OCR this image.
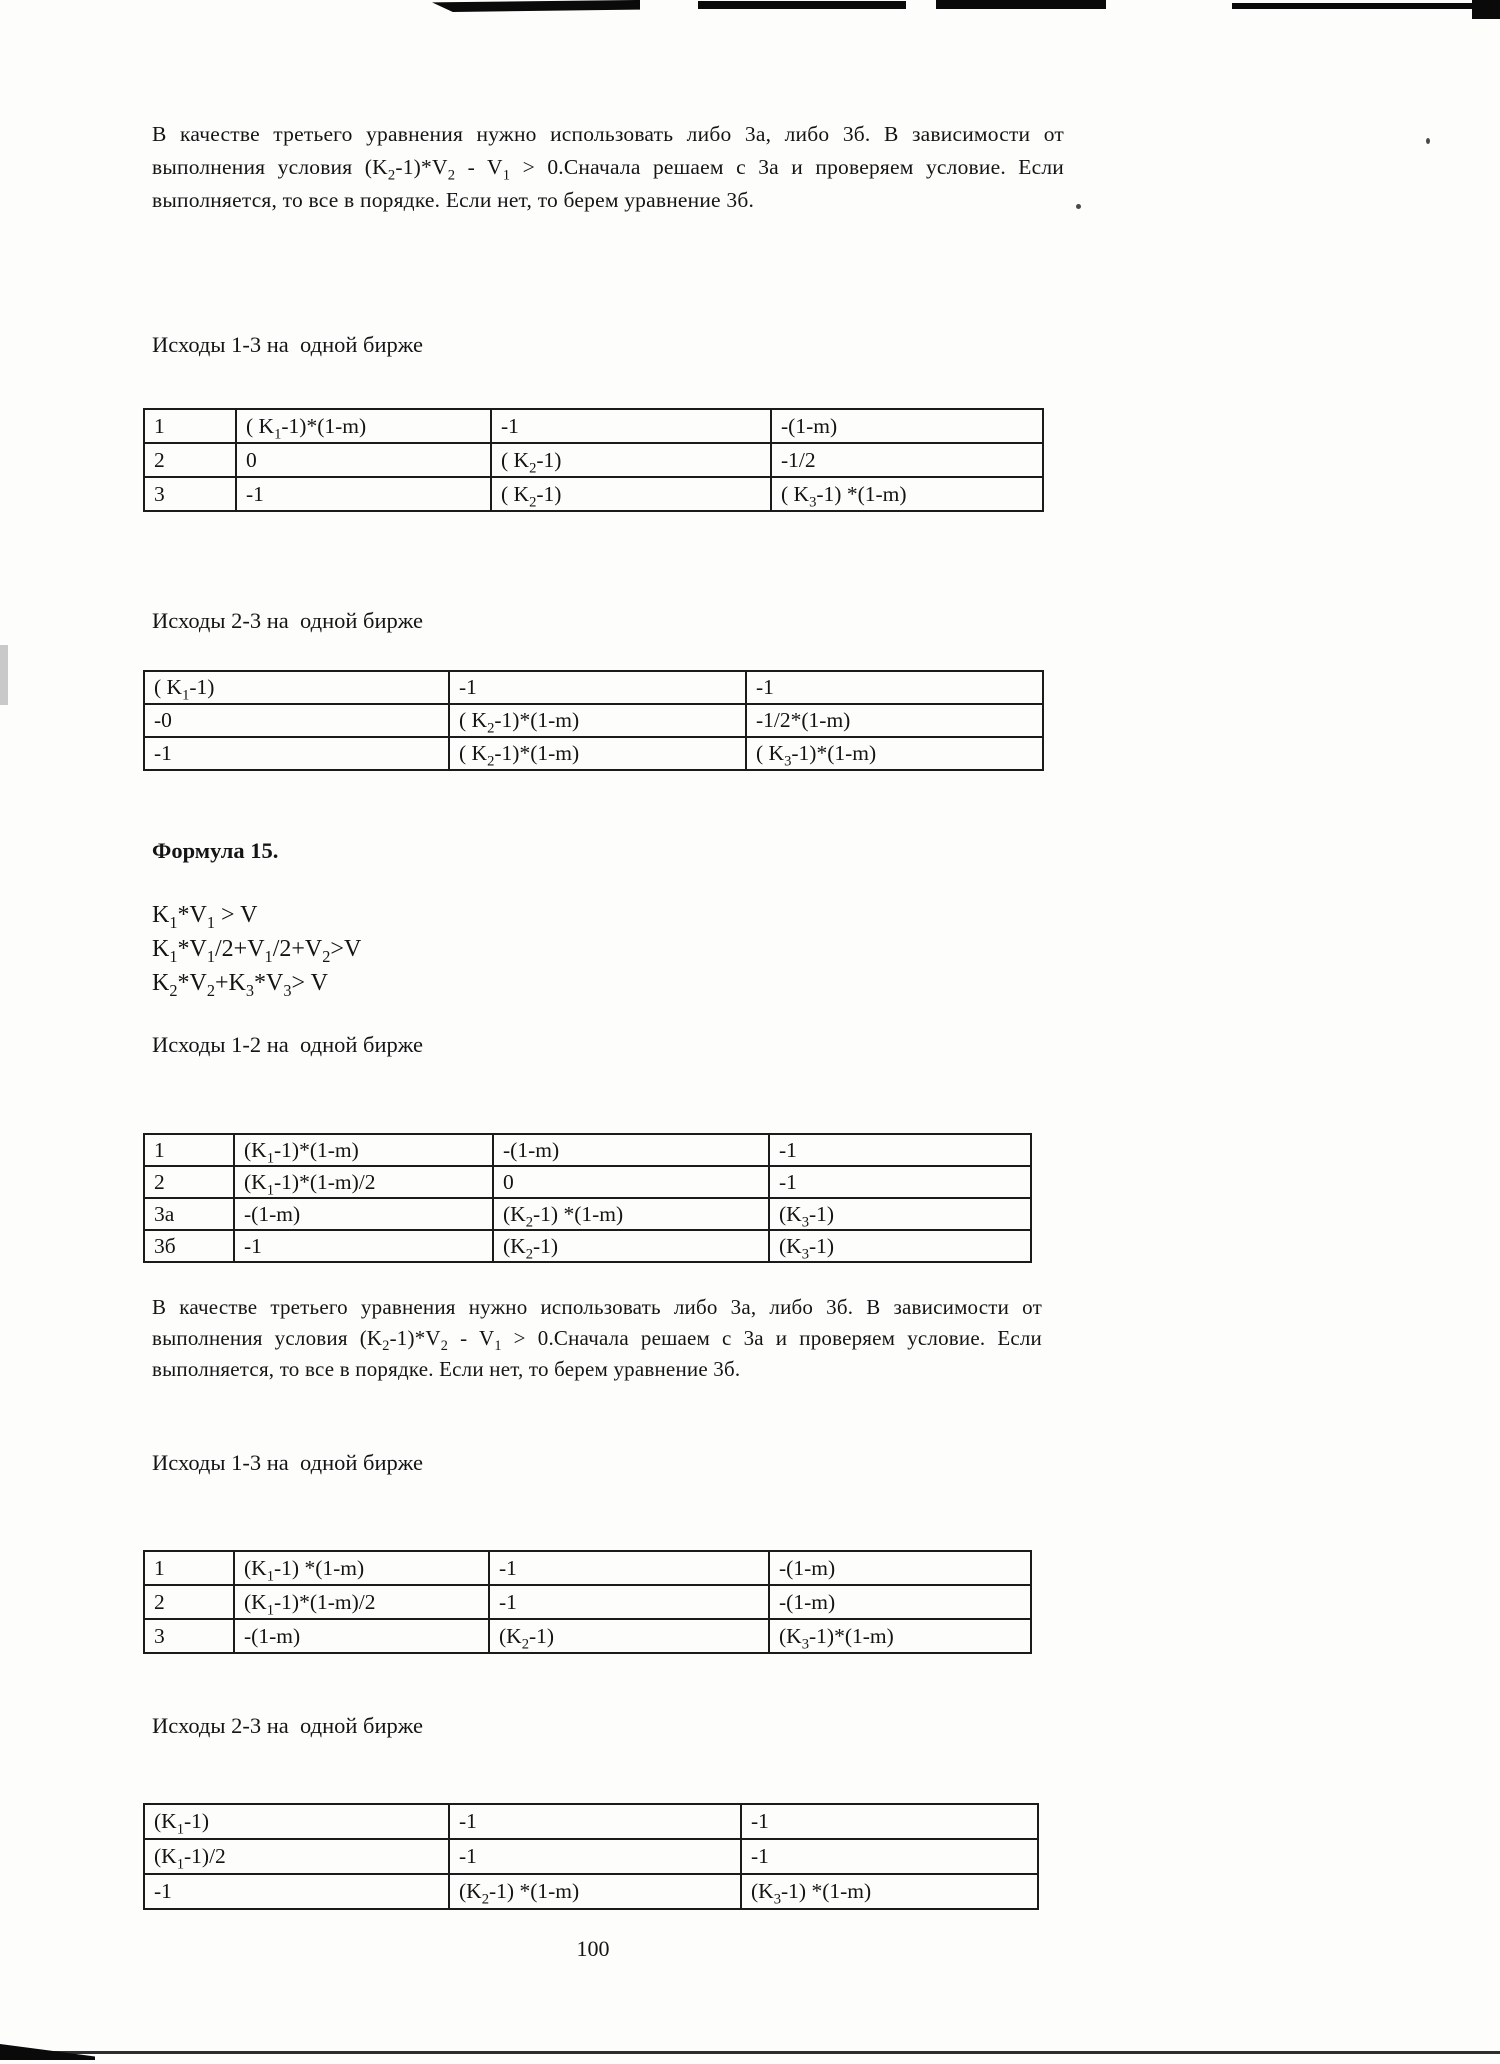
В качестве третьего уравнения нужно использовать либо 3а, либо 3б. В зависимости от выполнения условия $(K_2-1)*V_2 - V_1$ > 0.Сначала решаем с 3а и проверяем условие. Если выполняется, то все в порядке. Если нет, то берем уравнение 3б.
Исходы 1-3 на  одной бирже
1	( $K_1-1)*(1-m)$	-1	-(1-m)
2	0	( $K_2-1$)	-1/2
3	-1	( $K_2-1$)	( $K_3-1$) *(1-m)
Исходы 2-3 на  одной бирже
( $K_1-1$)	-1	-1
-0	( $K_2-1)*(1-m)$	-1/2*(1-m)
-1	( $K_2-1)*(1-m)$	( $K_3-1)*(1-m)$
Формула 15.
$K_1*V_1 > V$
$K_1*V_1/2+V_1/2+V_2>V$
$K_2*V_2+K_3*V_3> V$
Исходы 1-2 на  одной бирже
1	$(K_1-1)*(1-m)$	-(1-m)	-1
2	$(K_1-1)*(1-m)/2$	0	-1
3а	-(1-m)	$(K_2-1)$ *(1-m)	$(K_3-1)$
3б	-1	$(K_2-1)$	$(K_3-1)$
В качестве третьего уравнения нужно использовать либо 3а, либо 3б. В зависимости от выполнения условия $(K_2-1)*V_2 - V_1$ > 0.Сначала решаем с 3а и проверяем условие. Если выполняется, то все в порядке. Если нет, то берем уравнение 3б.
Исходы 1-3 на  одной бирже
1	$(K_1-1)$ *(1-m)	-1	-(1-m)
2	$(K_1-1)*(1-m)/2$	-1	-(1-m)
3	-(1-m)	$(K_2-1)$	$(K_3-1)*(1-m)$
Исходы 2-3 на  одной бирже
$(K_1-1)$	-1	-1
$(K_1-1)/2$	-1	-1
-1	$(K_2-1)$ *(1-m)	$(K_3-1)$ *(1-m)
100
